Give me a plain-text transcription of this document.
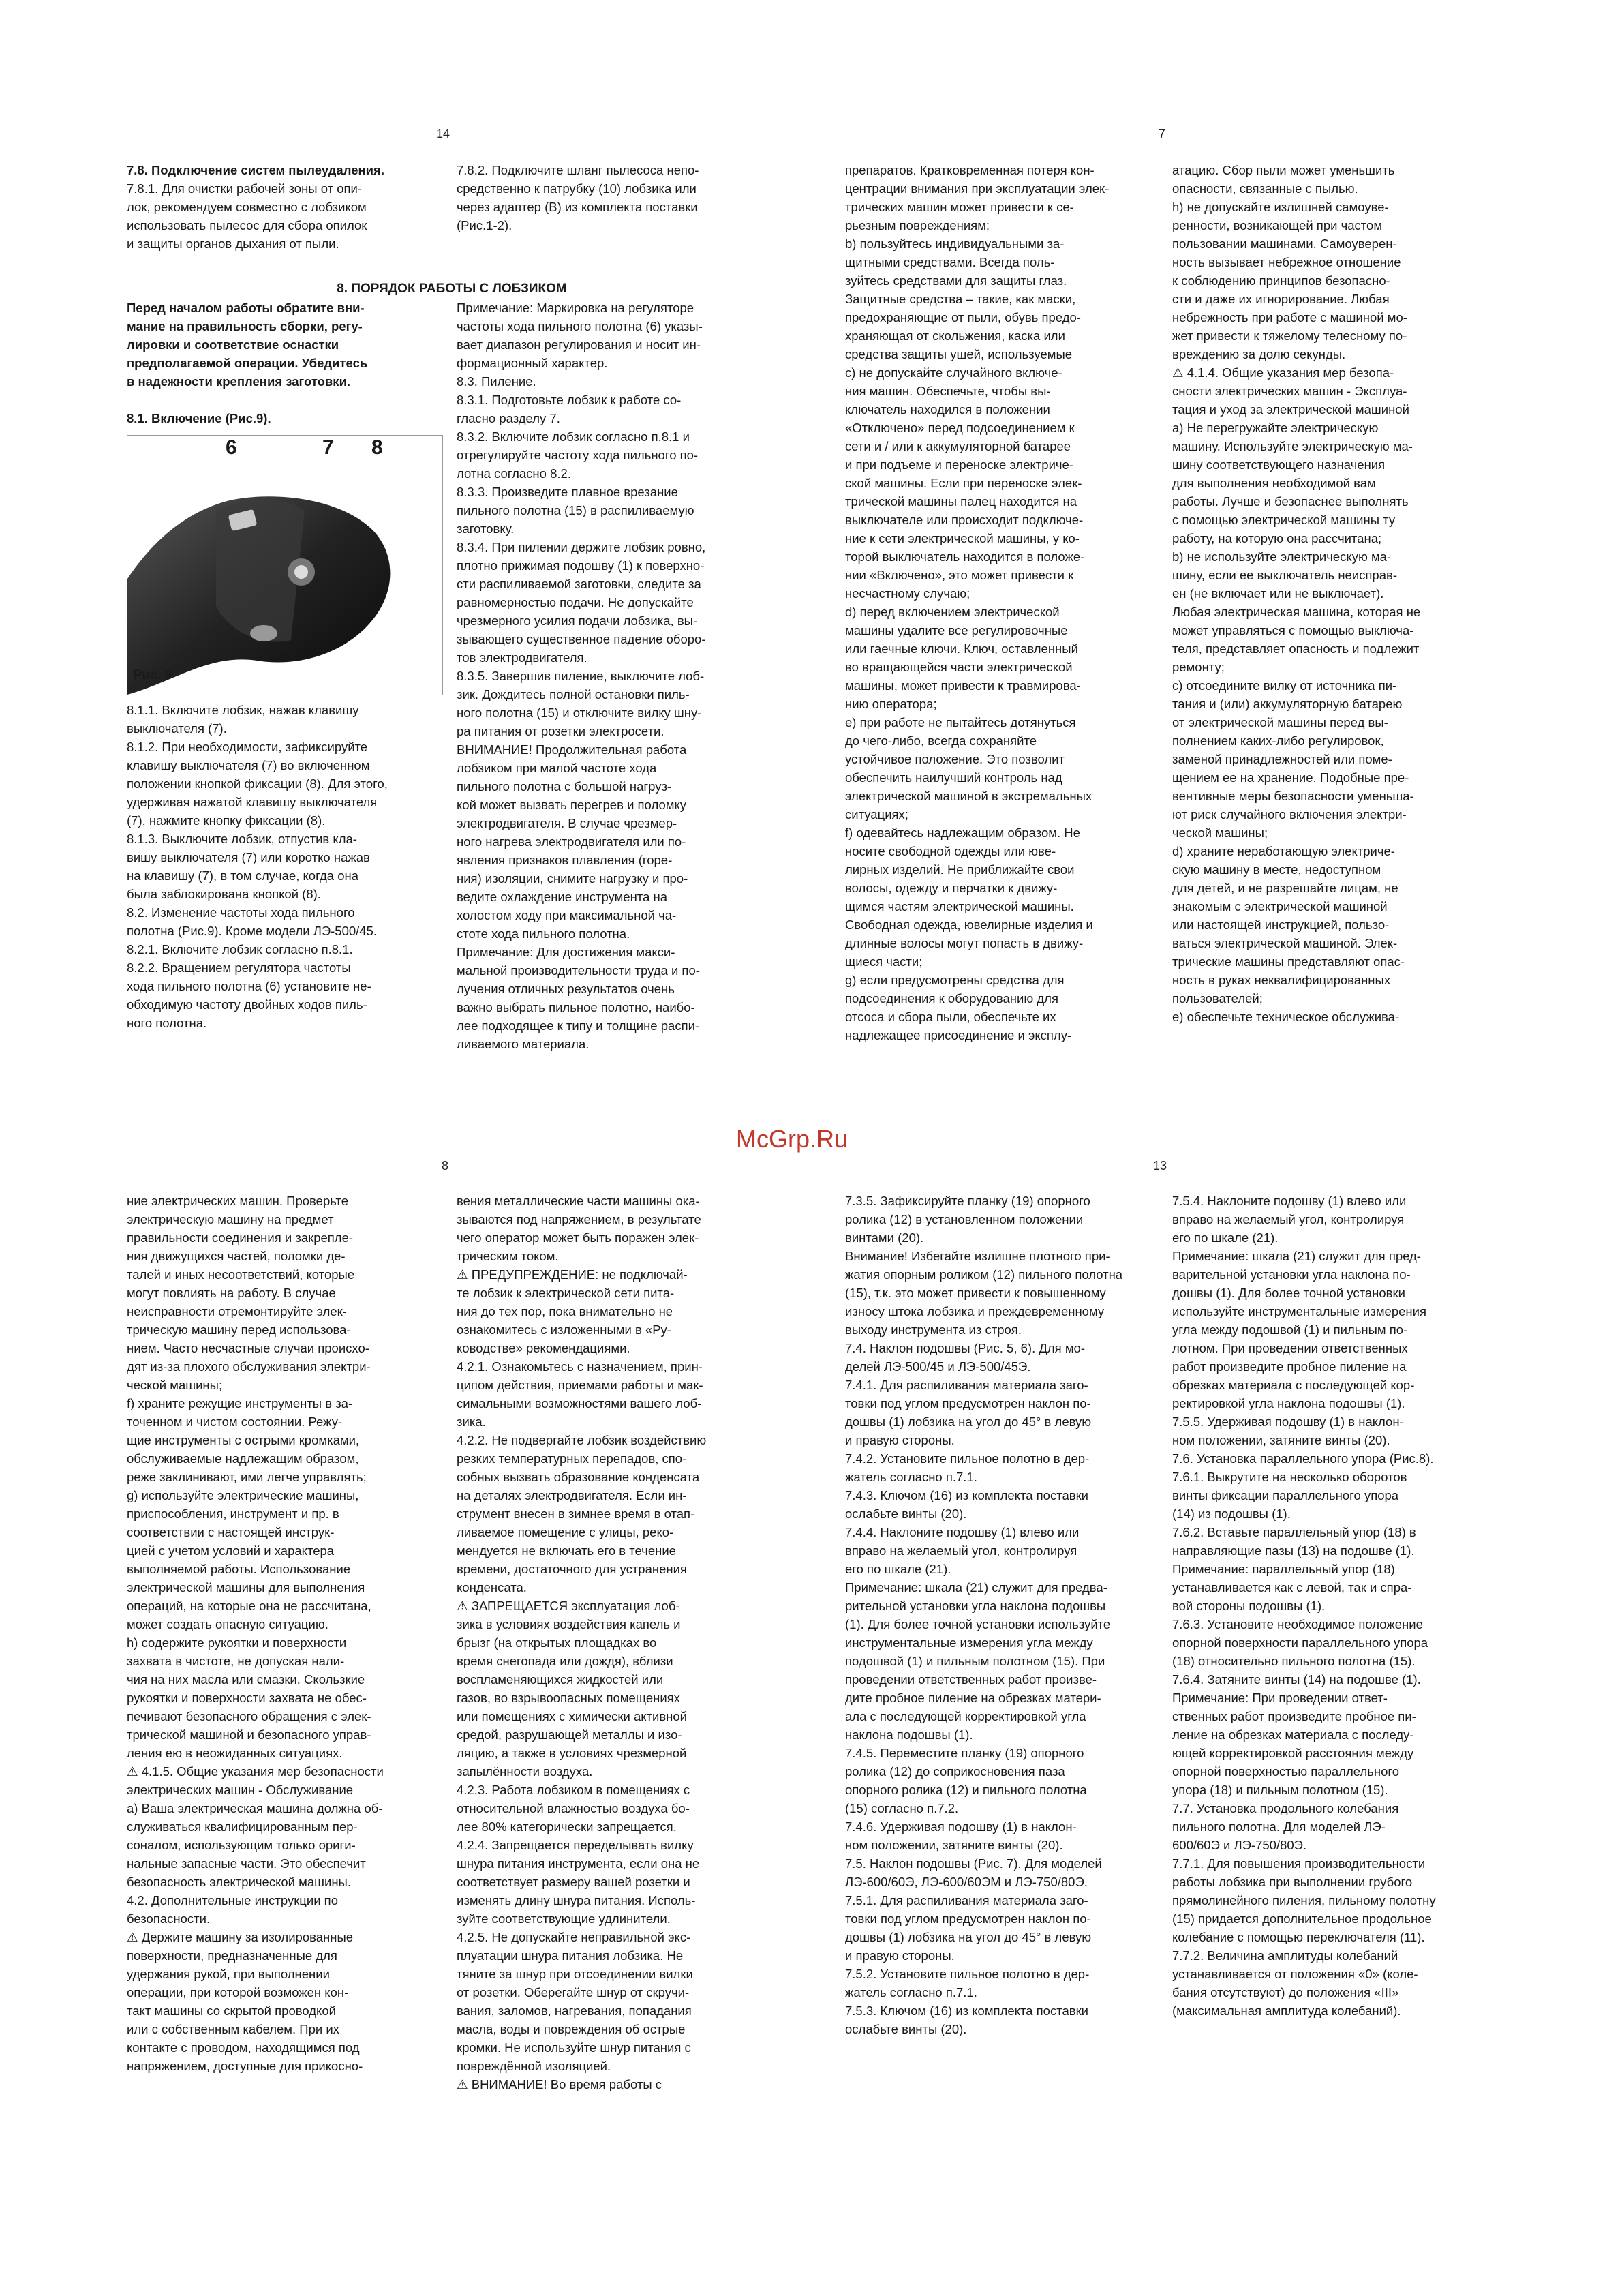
14	7
8	13
McGrp.Ru

7.8. Подключение систем пылеудаления.

7.8.1. Для очистки рабочей зоны от опи-

лок, рекомендуем совместно с лобзиком

использовать пылесос для сбора опилок

и защиты органов дыхания от пыли.

7.8.2. Подключите шланг пылесоса непо-

средственно к патрубку (10) лобзика или

через адаптер (B) из комплекта поставки

(Рис.1-2).

8. ПОРЯДОК РАБОТЫ С ЛОБЗИКОМ

Перед началом работы обратите вни-

мание на правильность сборки, регу-

лировки и соответствие оснастки

предполагаемой операции. Убедитесь

в надежности крепления заготовки.

8.1. Включение (Рис.9).

6	7 8
Рис. 9

8.1.1. Включите лобзик, нажав клавишу

выключателя (7).

8.1.2. При необходимости, зафиксируйте

клавишу выключателя (7) во включенном

положении кнопкой фиксации (8). Для этого,

удерживая нажатой клавишу выключателя

(7), нажмите кнопку фиксации (8).

8.1.3. Выключите лобзик, отпустив кла-

вишу выключателя (7) или коротко нажав

на клавишу (7), в том случае, когда она

была заблокирована кнопкой (8).

8.2. Изменение частоты хода пильного

полотна (Рис.9). Кроме модели ЛЭ-500/45.

8.2.1. Включите лобзик согласно п.8.1.

8.2.2. Вращением регулятора частоты

хода пильного полотна (6) установите не-

обходимую частоту двойных ходов пиль-

ного полотна.

Примечание: Маркировка на регуляторе

частоты хода пильного полотна (6) указы-

вает диапазон регулирования и носит ин-

формационный характер.

8.3. Пиление.

8.3.1. Подготовьте лобзик к работе со-

гласно разделу 7.

8.3.2. Включите лобзик согласно п.8.1 и

отрегулируйте частоту хода пильного по-

лотна согласно 8.2.

8.3.3. Произведите плавное врезание

пильного полотна (15) в распиливаемую

заготовку.

8.3.4. При пилении держите лобзик ровно,

плотно прижимая подошву (1) к поверхно-

сти распиливаемой заготовки, следите за

равномерностью подачи. Не допускайте

чрезмерного усилия подачи лобзика, вы-

зывающего существенное падение оборо-

тов электродвигателя.

8.3.5. Завершив пиление, выключите лоб-

зик. Дождитесь полной остановки пиль-

ного полотна (15) и отключите вилку шну-

ра питания от розетки электросети.

ВНИМАНИЕ! Продолжительная работа

лобзиком при малой частоте хода

пильного полотна с большой нагруз-

кой может вызвать перегрев и поломку

электродвигателя. В случае чрезмер-

ного нагрева электродвигателя или по-

явления признаков плавления (горе-

ния) изоляции, снимите нагрузку и про-

ведите охлаждение инструмента на

холостом ходу при максимальной ча-

стоте хода пильного полотна.

Примечание: Для достижения макси-

мальной производительности труда и по-

лучения отличных результатов очень

важно выбрать пильное полотно, наибо-

лее подходящее к типу и толщине распи-

ливаемого материала.

препаратов. Кратковременная потеря кон-

центрации внимания при эксплуатации элек-

трических машин может привести к се-

рьезным повреждениям;

b) пользуйтесь индивидуальными за-

щитными средствами. Всегда поль-

зуйтесь средствами для защиты глаз.

Защитные средства – такие, как маски,

предохраняющие от пыли, обувь предо-

храняющая от скольжения, каска или

средства защиты ушей, используемые

c) не допускайте случайного включе-

ния машин. Обеспечьте, чтобы вы-

ключатель находился в положении

«Отключено» перед подсоединением к

сети и / или к аккумуляторной батарее

и при подъеме и переноске электриче-

ской машины. Если при переноске элек-

трической машины палец находится на

выключателе или происходит подключе-

ние к сети электрической машины, у ко-

торой выключатель находится в положе-

нии «Включено», это может привести к

несчастному случаю;

d) перед включением электрической

машины удалите все регулировочные

или гаечные ключи. Ключ, оставленный

во вращающейся части электрической

машины, может привести к травмирова-

нию оператора;

e) при работе не пытайтесь дотянуться

до чего-либо, всегда сохраняйте

устойчивое положение. Это позволит

обеспечить наилучший контроль над

электрической машиной в экстремальных

ситуациях;

f) одевайтесь надлежащим образом. Не

носите свободной одежды или юве-

лирных изделий. Не приближайте свои

волосы, одежду и перчатки к движу-

щимся частям электрической машины.

Свободная одежда, ювелирные изделия и

длинные волосы могут попасть в движу-

щиеся части;

g) если предусмотрены средства для

подсоединения к оборудованию для

отсоса и сбора пыли, обеспечьте их

надлежащее присоединение и эксплу-

атацию. Сбор пыли может уменьшить

опасности, связанные с пылью.

h) не допускайте излишней самоуве-

ренности, возникающей при частом

пользовании машинами. Самоуверен-

ность вызывает небрежное отношение

к соблюдению принципов безопасно-

сти и даже их игнорирование. Любая

небрежность при работе с машиной мо-

жет привести к тяжелому телесному по-

вреждению за долю секунды.

⚠ 4.1.4. Общие указания мер безопа-

сности электрических машин - Эксплуа-

тация и уход за электрической машиной

а) Не перегружайте электрическую

машину. Используйте электрическую ма-

шину соответствующего назначения

для выполнения необходимой вам

работы. Лучше и безопаснее выполнять

с помощью электрической машины ту

работу, на которую она рассчитана;

b) не используйте электрическую ма-

шину, если ее выключатель неисправ-

ен (не включает или не выключает).

Любая электрическая машина, которая не

может управляться с помощью выключа-

теля, представляет опасность и подлежит

ремонту;

c) отсоедините вилку от источника пи-

тания и (или) аккумуляторную батарею

от электрической машины перед вы-

полнением каких-либо регулировок,

заменой принадлежностей или поме-

щением ее на хранение. Подобные пре-

вентивные меры безопасности уменьша-

ют риск случайного включения электри-

ческой машины;

d) храните неработающую электриче-

скую машину в месте, недоступном

для детей, и не разрешайте лицам, не

знакомым с электрической машиной

или настоящей инструкцией, пользо-

ваться электрической машиной. Элек-

трические машины представляют опас-

ность в руках неквалифицированных

пользователей;

е) обеспечьте техническое обслужива-

ние электрических машин. Проверьте

электрическую машину на предмет

правильности соединения и закрепле-

ния движущихся частей, поломки де-

талей и иных несоответствий, которые

могут повлиять на работу. В случае

неисправности отремонтируйте элек-

трическую машину перед использова-

нием. Часто несчастные случаи происхо-

дят из-за плохого обслуживания электри-

ческой машины;

f) храните режущие инструменты в за-

точенном и чистом состоянии. Режу-

щие инструменты с острыми кромками,

обслуживаемые надлежащим образом,

реже заклинивают, ими легче управлять;

g) используйте электрические машины,

приспособления, инструмент и пр. в

соответствии с настоящей инструк-

цией с учетом условий и характера

выполняемой работы. Использование

электрической машины для выполнения

операций, на которые она не рассчитана,

может создать опасную ситуацию.

h) содержите рукоятки и поверхности

захвата в чистоте, не допуская нали-

чия на них масла или смазки. Скользкие

рукоятки и поверхности захвата не обес-

печивают безопасного обращения с элек-

трической машиной и безопасного управ-

ления ею в неожиданных ситуациях.

⚠ 4.1.5. Общие указания мер безопасности

электрических машин - Обслуживание

а) Ваша электрическая машина должна об-

служиваться квалифицированным пер-

соналом, использующим только ориги-

нальные запасные части. Это обеспечит

безопасность электрической машины.

4.2. Дополнительные инструкции по

безопасности.

⚠ Держите машину за изолированные

поверхности, предназначенные для

удержания рукой, при выполнении

операции, при которой возможен кон-

такт машины со скрытой проводкой

или с собственным кабелем. При их

контакте с проводом, находящимся под

напряжением, доступные для прикосно-

вения металлические части машины ока-

зываются под напряжением, в результате

чего оператор может быть поражен элек-

трическим током.

⚠ ПРЕДУПРЕЖДЕНИЕ: не подключай-

те лобзик к электрической сети пита-

ния до тех пор, пока внимательно не

ознакомитесь с изложенными в «Ру-

ководстве» рекомендациями.

4.2.1. Ознакомьтесь с назначением, прин-

ципом действия, приемами работы и мак-

симальными возможностями вашего лоб-

зика.

4.2.2. Не подвергайте лобзик воздействию

резких температурных перепадов, спо-

собных вызвать образование конденсата

на деталях электродвигателя. Если ин-

струмент внесен в зимнее время в отап-

ливаемое помещение с улицы, реко-

мендуется не включать его в течение

времени, достаточного для устранения

конденсата.

⚠ ЗАПРЕЩАЕТСЯ эксплуатация лоб-

зика в условиях воздействия капель и

брызг (на открытых площадках во

время снегопада или дождя), вблизи

воспламеняющихся жидкостей или

газов, во взрывоопасных помещениях

или помещениях с химически активной

средой, разрушающей металлы и изо-

ляцию, а также в условиях чрезмерной

запылённости воздуха.

4.2.3. Работа лобзиком в помещениях с

относительной влажностью воздуха бо-

лее 80% категорически запрещается.

4.2.4. Запрещается переделывать вилку

шнура питания инструмента, если она не

соответствует размеру вашей розетки и

изменять длину шнура питания. Исполь-

зуйте соответствующие удлинители.

4.2.5. Не допускайте неправильной экс-

плуатации шнура питания лобзика. Не

тяните за шнур при отсоединении вилки

от розетки. Оберегайте шнур от скручи-

вания, заломов, нагревания, попадания

масла, воды и повреждения об острые

кромки. Не используйте шнур питания с

повреждённой изоляцией.

⚠ ВНИМАНИЕ! Во время работы с

7.3.5. Зафиксируйте планку (19) опорного

ролика (12) в установленном положении

винтами (20).

Внимание! Избегайте излишне плотного при-

жатия опорным роликом (12) пильного полотна

(15), т.к. это может привести к повышенному

износу штока лобзика и преждевременному

выходу инструмента из строя.

7.4. Наклон подошвы (Рис. 5, 6). Для мо-

делей ЛЭ-500/45 и ЛЭ-500/45Э.

7.4.1. Для распиливания материала заго-

товки под углом предусмотрен наклон по-

дошвы (1) лобзика на угол до 45° в левую

и правую стороны.

7.4.2. Установите пильное полотно в дер-

жатель согласно п.7.1.

7.4.3. Ключом (16) из комплекта поставки

ослабьте винты (20).

7.4.4. Наклоните подошву (1) влево или

вправо на желаемый угол, контролируя

его по шкале (21).

Примечание: шкала (21) служит для предва-

рительной установки угла наклона подошвы

(1). Для более точной установки используйте

инструментальные измерения угла между

подошвой (1) и пильным полотном (15). При

проведении ответственных работ произве-

дите пробное пиление на обрезках матери-

ала с последующей корректировкой угла

наклона подошвы (1).

7.4.5. Переместите планку (19) опорного

ролика (12) до соприкосновения паза

опорного ролика (12) и пильного полотна

(15) согласно п.7.2.

7.4.6. Удерживая подошву (1) в наклон-

ном положении, затяните винты (20).

7.5. Наклон подошвы (Рис. 7). Для моделей

ЛЭ-600/60Э, ЛЭ-600/60ЭМ и ЛЭ-750/80Э.

7.5.1. Для распиливания материала заго-

товки под углом предусмотрен наклон по-

дошвы (1) лобзика на угол до 45° в левую

и правую стороны.

7.5.2. Установите пильное полотно в дер-

жатель согласно п.7.1.

7.5.3. Ключом (16) из комплекта поставки

ослабьте винты (20).

7.5.4. Наклоните подошву (1) влево или

вправо на желаемый угол, контролируя

его по шкале (21).

Примечание: шкала (21) служит для пред-

варительной установки угла наклона по-

дошвы (1). Для более точной установки

используйте инструментальные измерения

угла между подошвой (1) и пильным по-

лотном. При проведении ответственных

работ произведите пробное пиление на

обрезках материала с последующей кор-

ректировкой угла наклона подошвы (1).

7.5.5. Удерживая подошву (1) в наклон-

ном положении, затяните винты (20).

7.6. Установка параллельного упора (Рис.8).

7.6.1. Выкрутите на несколько оборотов

винты фиксации параллельного упора

(14) из подошвы (1).

7.6.2. Вставьте параллельный упор (18) в

направляющие пазы (13) на подошве (1).

Примечание: параллельный упор (18)

устанавливается как с левой, так и спра-

вой стороны подошвы (1).

7.6.3. Установите необходимое положение

опорной поверхности параллельного упора

(18) относительно пильного полотна (15).

7.6.4. Затяните винты (14) на подошве (1).

Примечание: При проведении ответ-

ственных работ произведите пробное пи-

ление на обрезках материала с последу-

ющей корректировкой расстояния между

опорной поверхностью параллельного

упора (18) и пильным полотном (15).

7.7. Установка продольного колебания

пильного полотна. Для моделей ЛЭ-

600/60Э и ЛЭ-750/80Э.

7.7.1. Для повышения производительности

работы лобзика при выполнении грубого

прямолинейного пиления, пильному полотну

(15) придается дополнительное продольное

колебание с помощью переключателя (11).

7.7.2. Величина амплитуды колебаний

устанавливается от положения «0» (коле-

бания отсутствуют) до положения «III»

(максимальная амплитуда колебаний).
